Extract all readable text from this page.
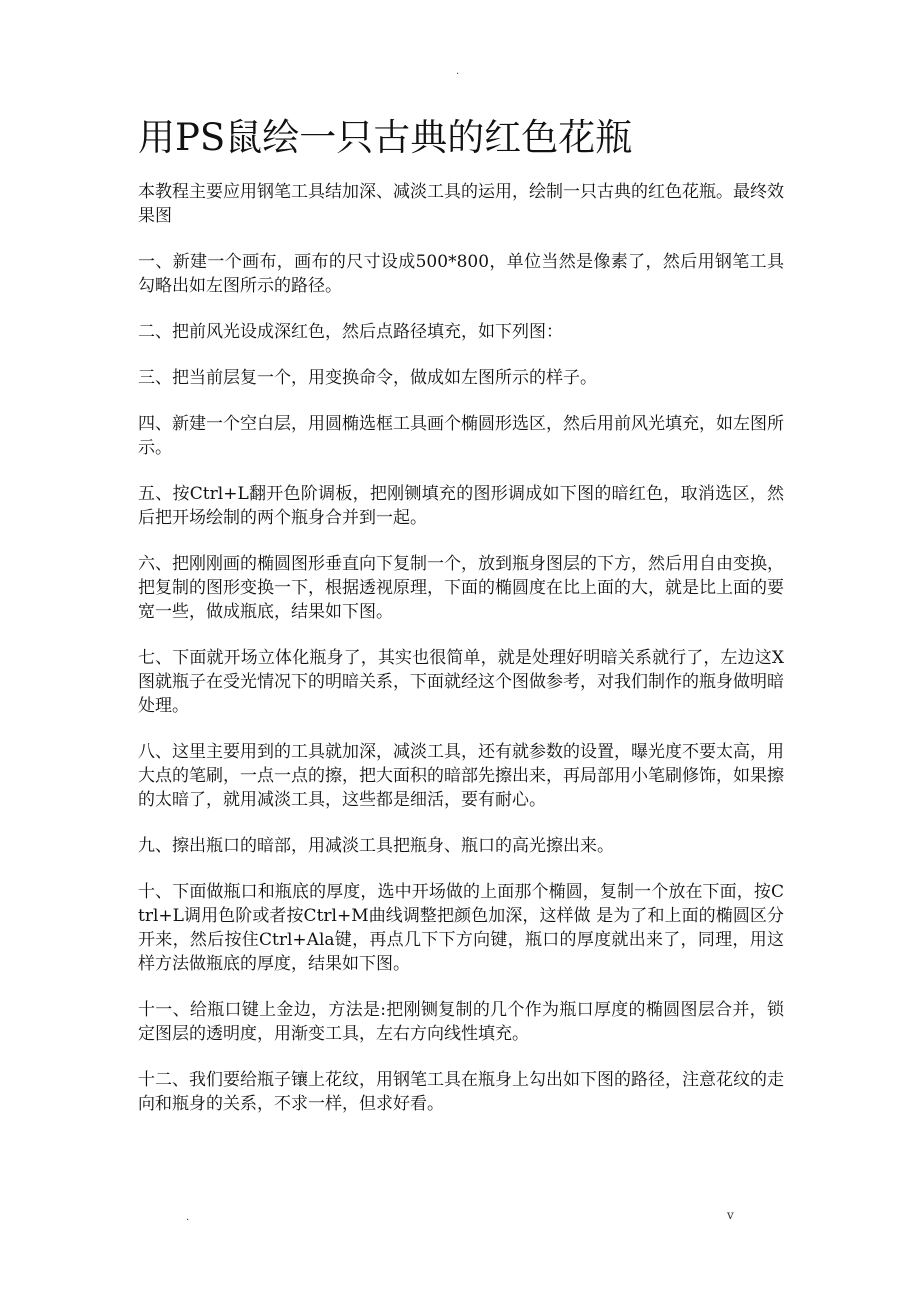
.
用PS鼠绘一只古典的红色花瓶

本教程主要应用钢笔工具结加深、减淡工具的运用，绘制一只古典的红色花瓶。最终效果图

一、新建一个画布，画布的尺寸设成500*800，单位当然是像素了，然后用钢笔工具勾略出如左图所示的路径。

二、把前风光设成深红色，然后点路径填充，如下列图：

三、把当前层复一个，用变换命令，做成如左图所示的样子。

四、新建一个空白层，用圆椭选框工具画个椭圆形选区，然后用前风光填充，如左图所示。

五、按Ctrl+L翻开色阶调板，把刚铡填充的图形调成如下图的暗红色，取消选区，然后把开场绘制的两个瓶身合并到一起。

六、把刚刚画的椭圆图形垂直向下复制一个，放到瓶身图层的下方，然后用自由变换，把复制的图形变换一下，根据透视原理，下面的椭圆度在比上面的大，就是比上面的要宽一些，做成瓶底，结果如下图。

七、下面就开场立体化瓶身了，其实也很简单，就是处理好明暗关系就行了，左边这X图就瓶子在受光情况下的明暗关系，下面就经这个图做参考，对我们制作的瓶身做明暗处理。

八、这里主要用到的工具就加深，减淡工具，还有就参数的设置，曝光度不要太高，用大点的笔刷，一点一点的擦，把大面积的暗部先擦出来，再局部用小笔刷修饰，如果擦的太暗了，就用减淡工具，这些都是细活，要有耐心。

九、擦出瓶口的暗部，用减淡工具把瓶身、瓶口的高光擦出来。

十、下面做瓶口和瓶底的厚度，选中开场做的上面那个椭圆，复制一个放在下面，按Ctrl+L调用色阶或者按Ctrl+M曲线调整把颜色加深，这样做 是为了和上面的椭圆区分开来，然后按住Ctrl+Ala键，再点几下下方向键，瓶口的厚度就出来了，同理，用这样方法做瓶底的厚度，结果如下图。

十一、给瓶口键上金边，方法是:把刚铡复制的几个作为瓶口厚度的椭圆图层合并，锁定图层的透明度，用渐变工具，左右方向线性填充。

十二、我们要给瓶子镶上花纹，用钢笔工具在瓶身上勾出如下图的路径，注意花纹的走向和瓶身的关系，不求一样，但求好看。

.	v
